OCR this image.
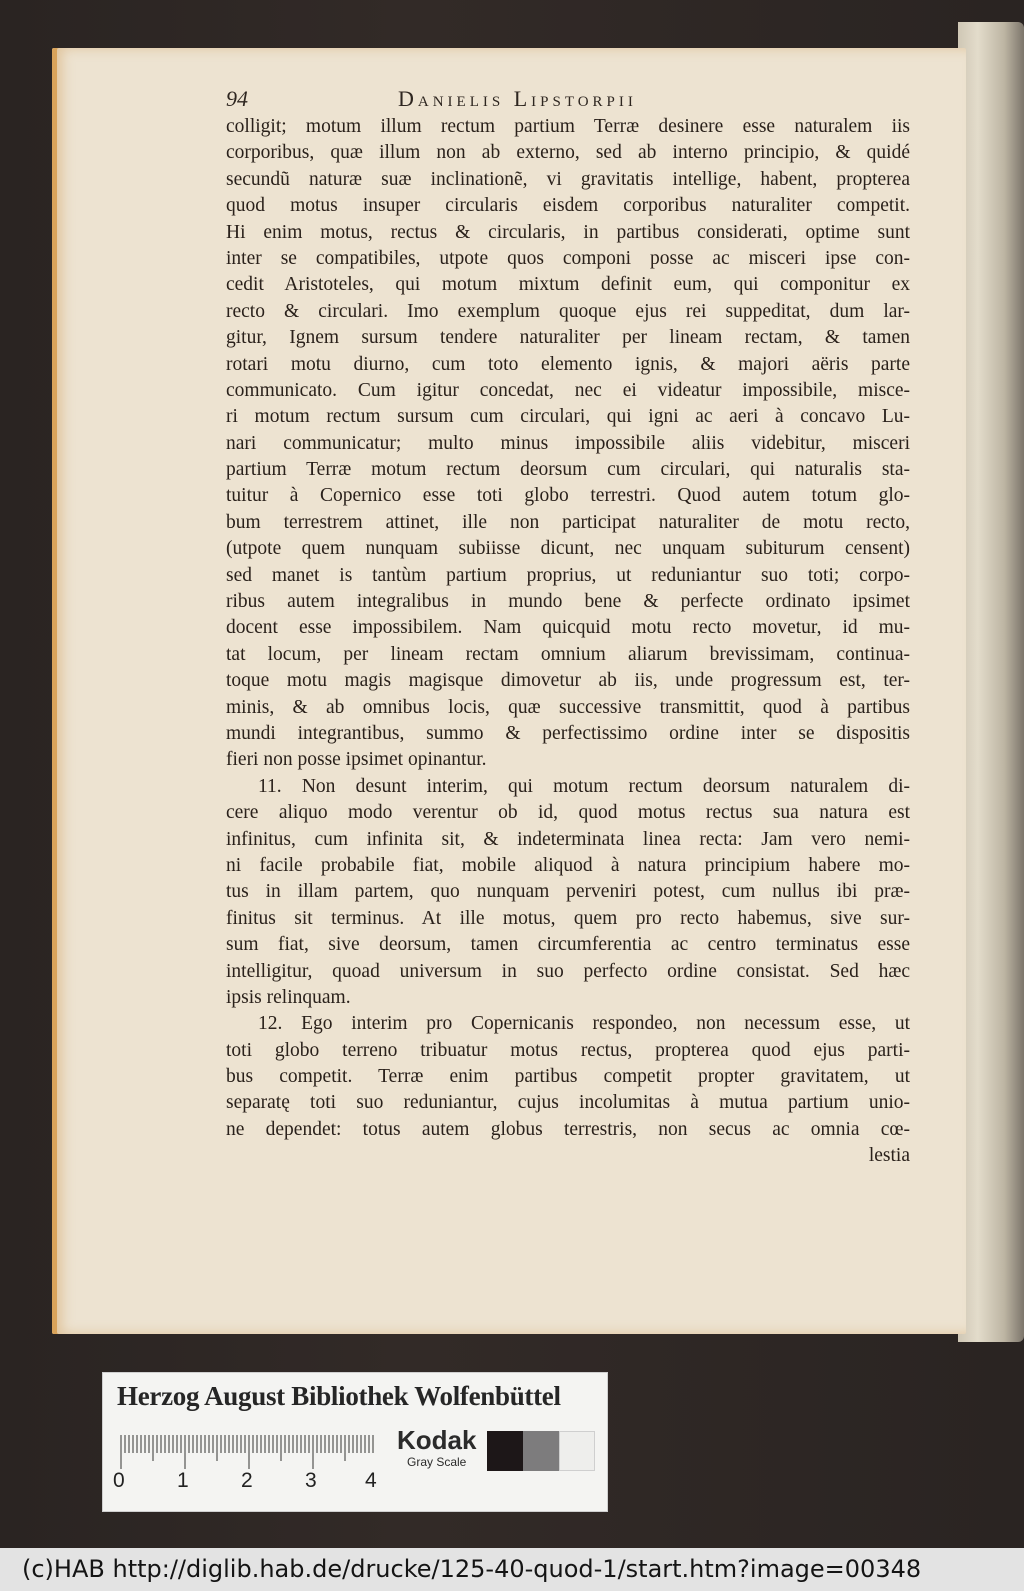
94	Danielis Lipstorpii
colligit; motum illum rectum partium Terræ desinere esse naturalem iis
corporibus, quæ illum non ab externo, sed ab interno principio, & quidé
secundũ naturæ suæ inclinationẽ, vi gravitatis intellige, habent, propterea
quod motus insuper circularis eisdem corporibus naturaliter competit.
Hi enim motus, rectus & circularis, in partibus considerati, optime sunt
inter se compatibiles, utpote quos componi posse ac misceri ipse con-
cedit Aristoteles, qui motum mixtum definit eum, qui componitur ex
recto & circulari. Imo exemplum quoque ejus rei suppeditat, dum lar-
gitur, Ignem sursum tendere naturaliter per lineam rectam, & tamen
rotari motu diurno, cum toto elemento ignis, & majori aëris parte
communicato. Cum igitur concedat, nec ei videatur impossibile, misce-
ri motum rectum sursum cum circulari, qui igni ac aeri à concavo Lu-
nari communicatur; multo minus impossibile aliis videbitur, misceri
partium Terræ motum rectum deorsum cum circulari, qui naturalis sta-
tuitur à Copernico esse toti globo terrestri. Quod autem totum glo-
bum terrestrem attinet, ille non participat naturaliter de motu recto,
(utpote quem nunquam subiisse dicunt, nec unquam subiturum censent)
sed manet is tantùm partium proprius, ut reduniantur suo toti; corpo-
ribus autem integralibus in mundo bene & perfecte ordinato ipsimet
docent esse impossibilem. Nam quicquid motu recto movetur, id mu-
tat locum, per lineam rectam omnium aliarum brevissimam, continua-
toque motu magis magisque dimovetur ab iis, unde progressum est, ter-
minis, & ab omnibus locis, quæ successive transmittit, quod à partibus
mundi integrantibus, summo & perfectissimo ordine inter se dispositis
fieri non posse ipsimet opinantur.
11. Non desunt interim, qui motum rectum deorsum naturalem di-
cere aliquo modo verentur ob id, quod motus rectus sua natura est
infinitus, cum infinita sit, & indeterminata linea recta: Jam vero nemi-
ni facile probabile fiat, mobile aliquod à natura principium habere mo-
tus in illam partem, quo nunquam perveniri potest, cum nullus ibi præ-
finitus sit terminus. At ille motus, quem pro recto habemus, sive sur-
sum fiat, sive deorsum, tamen circumferentia ac centro terminatus esse
intelligitur, quoad universum in suo perfecto ordine consistat. Sed hæc
ipsis relinquam.
12. Ego interim pro Copernicanis respondeo, non necessum esse, ut
toti globo terreno tribuatur motus rectus, propterea quod ejus parti-
bus competit. Terræ enim partibus competit propter gravitatem, ut
separatę toti suo reduniantur, cujus incolumitas à mutua partium unio-
ne dependet: totus autem globus terrestris, non secus ac omnia cœ-
lestia
Herzog August Bibliothek Wolfenbüttel
0 1 2 3 4
Kodak
Gray Scale
(c)HAB http://diglib.hab.de/drucke/125-40-quod-1/start.htm?image=00348
